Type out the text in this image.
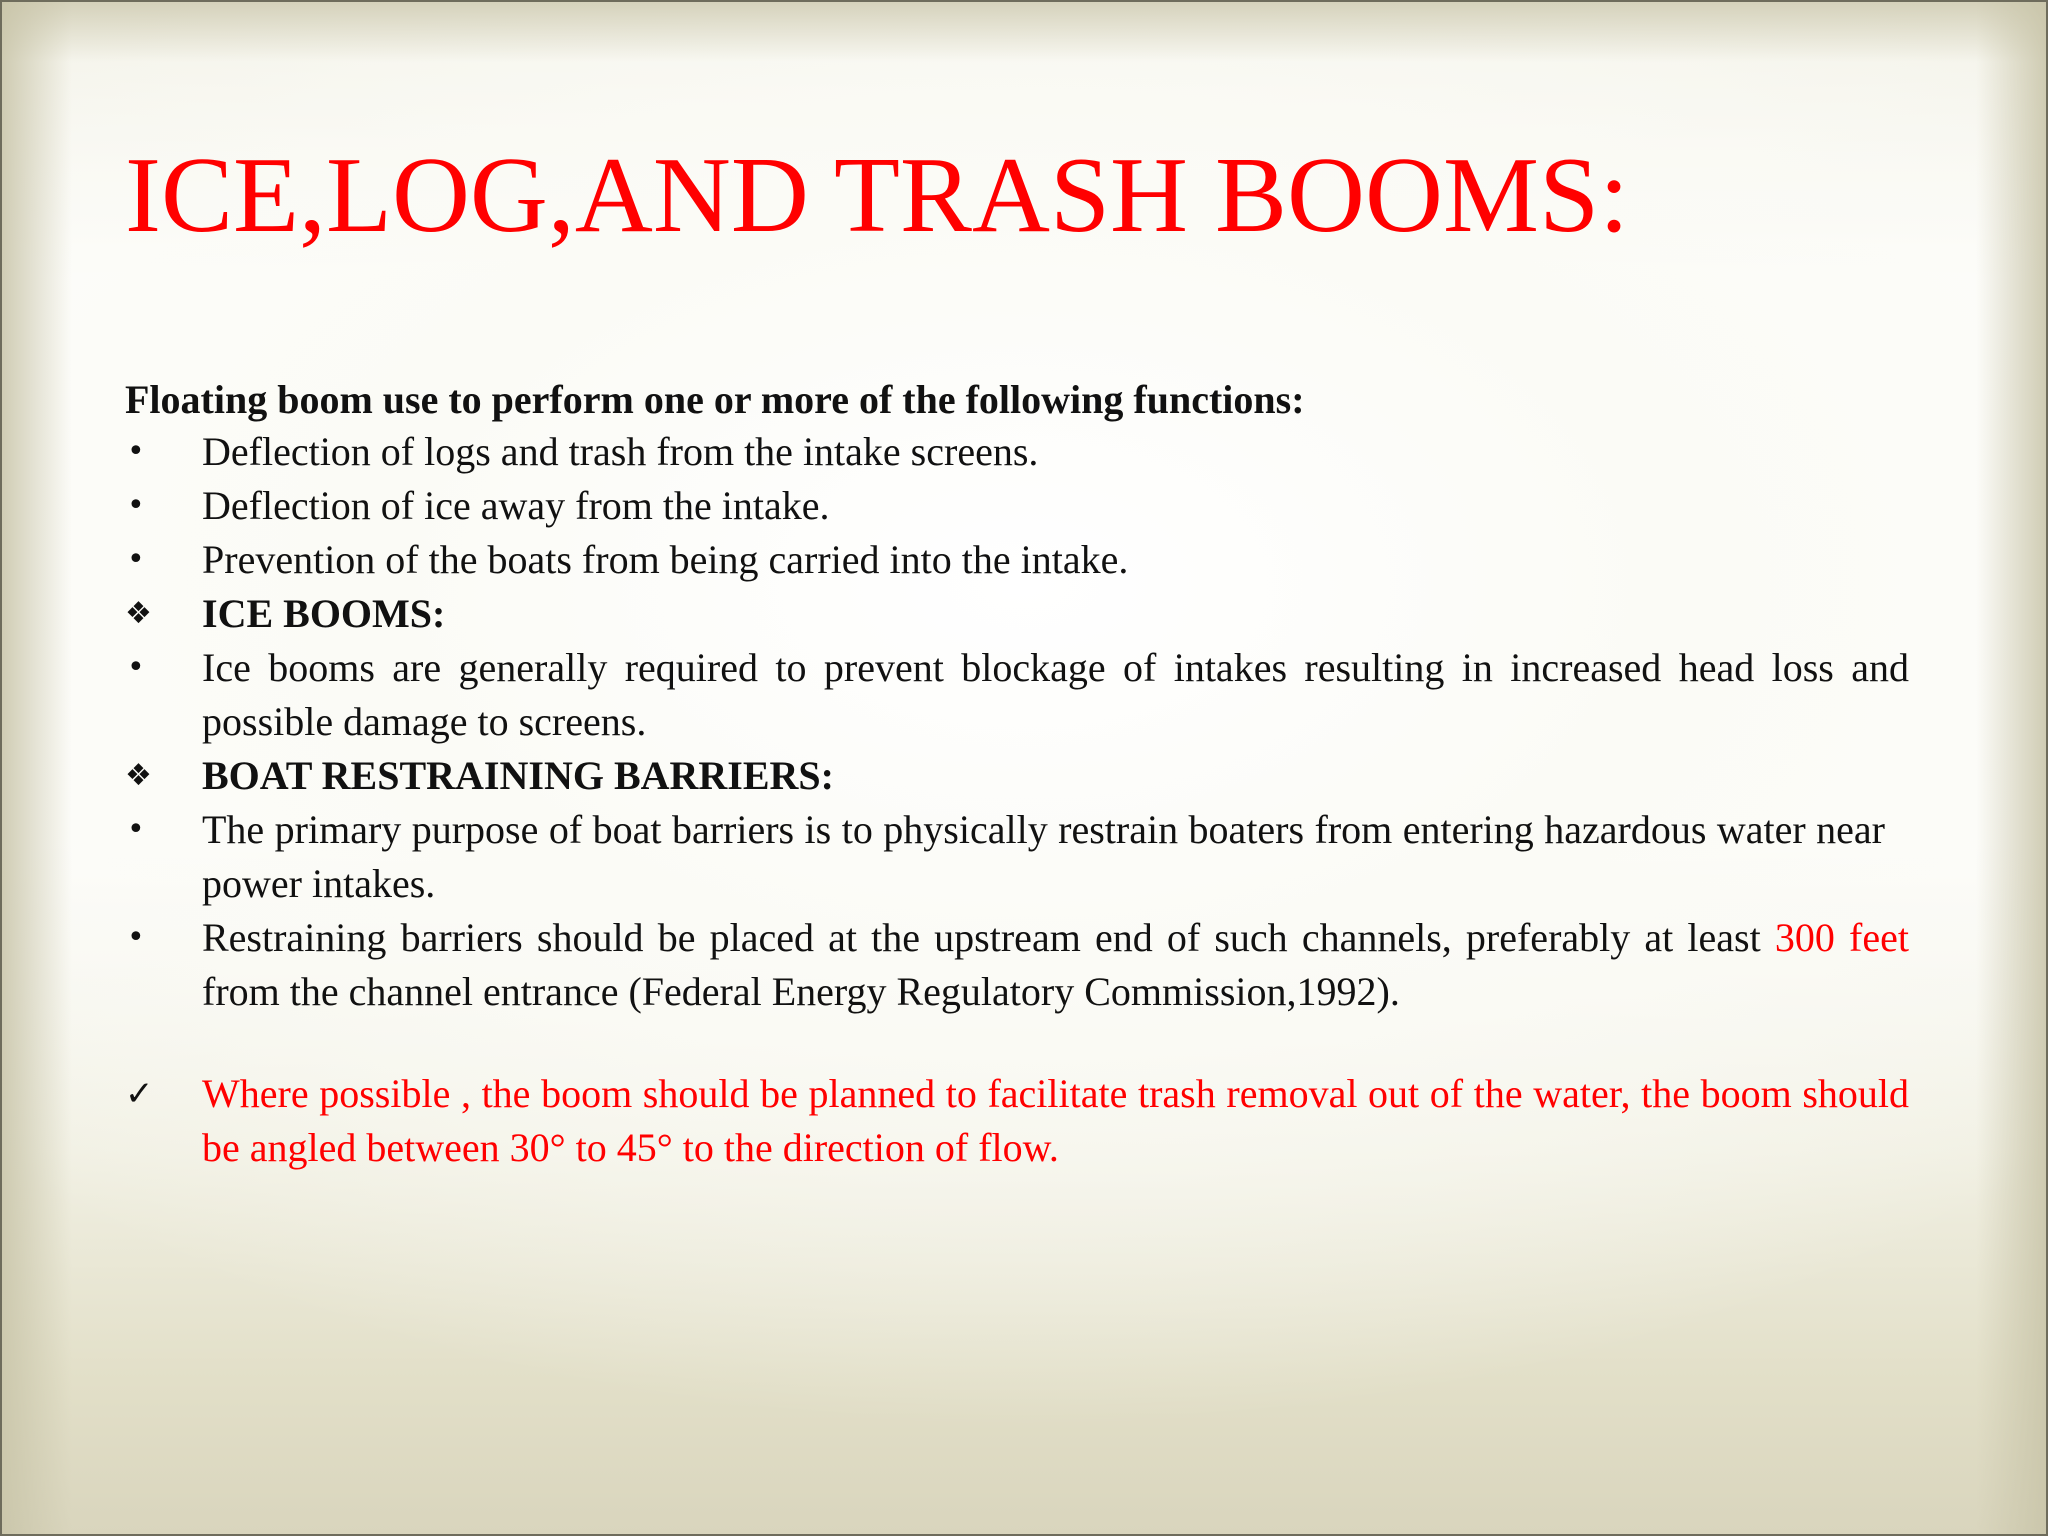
ICE,LOG,AND TRASH BOOMS:
Floating boom use to perform one or more of the following functions:
•	Deflection of logs and trash from the intake screens.
•	Deflection of ice away from the intake.
•	Prevention of the boats from being carried into the intake.
❖	ICE BOOMS:
•	Ice booms are generally required to prevent blockage of intakes resulting in increased head loss and possible damage to screens.
❖	BOAT RESTRAINING BARRIERS:
•	The primary purpose of boat barriers is to physically restrain boaters from entering hazardous water near power intakes.
•	Restraining barriers should be placed at the upstream end of such channels, preferably at least 300 feet from the channel entrance (Federal Energy Regulatory Commission,1992).
✓	Where possible , the boom should be planned to facilitate trash removal out of the water, the boom should be angled between 30° to 45° to the direction of flow.
